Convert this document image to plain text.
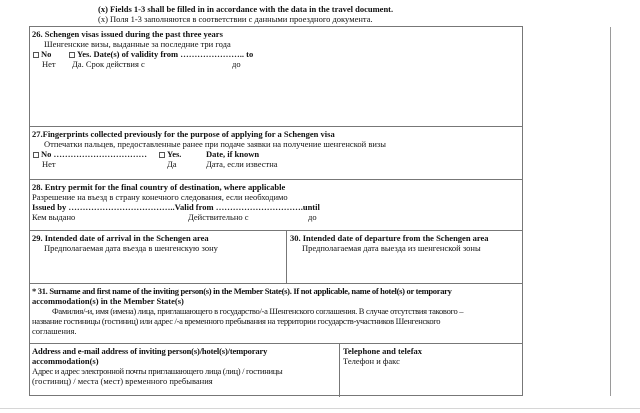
(x) Fields 1-3 shall be filled in in accordance with the data in the travel document.
(x) Поля 1-3 заполняются в соответствии с данными проездного документа.
26. Schengen visas issued during the past three years
Шенгенские визы, выданные за последние три года
No	Yes. Date(s) of validity from ………………….. to
Нет Да. Срок действия с	до
27.Fingerprints collected previously for the purpose of applying for a Schengen visa
Отпечатки пальцев, предоставленные ранее при подаче заявки на получение шенгенской визы
No ……………………………	Yes.	Date, if known
Нет	Да	Дата, если известна
28. Entry permit for the final country of destination, where applicable
Разрешение на въезд в страну конечного следования, если необходимо
Issued by ………………………………..Valid from ………………………….until
Кем выдано	Действительно с	до
29. Intended date of arrival in the Schengen area
Предполагаемая дата въезда в шенгенскую зону
30. Intended date of departure from the Schengen area
Предполагаемая дата выезда из шенгенской зоны
* 31. Surname and first name of the inviting person(s) in the Member State(s). If not applicable, name of hotel(s) or temporary
accommodation(s) in the Member State(s)
Фамилия/-и, имя (имена) лица, приглашающего в государство/-а Шенгенского соглашения. В случае отсутствия такового –
название гостиницы (гостиниц) или адрес /-а временного пребывания на территории государств-участников Шенгенского
соглашения.
Address and e-mail address of inviting person(s)/hotel(s)/temporary
accommodation(s)
Адрес и адрес электронной почты приглашающего лица (лиц) / гостиницы
(гостиниц) / места (мест) временного пребывания
Telephone and telefax
Телефон и факс
